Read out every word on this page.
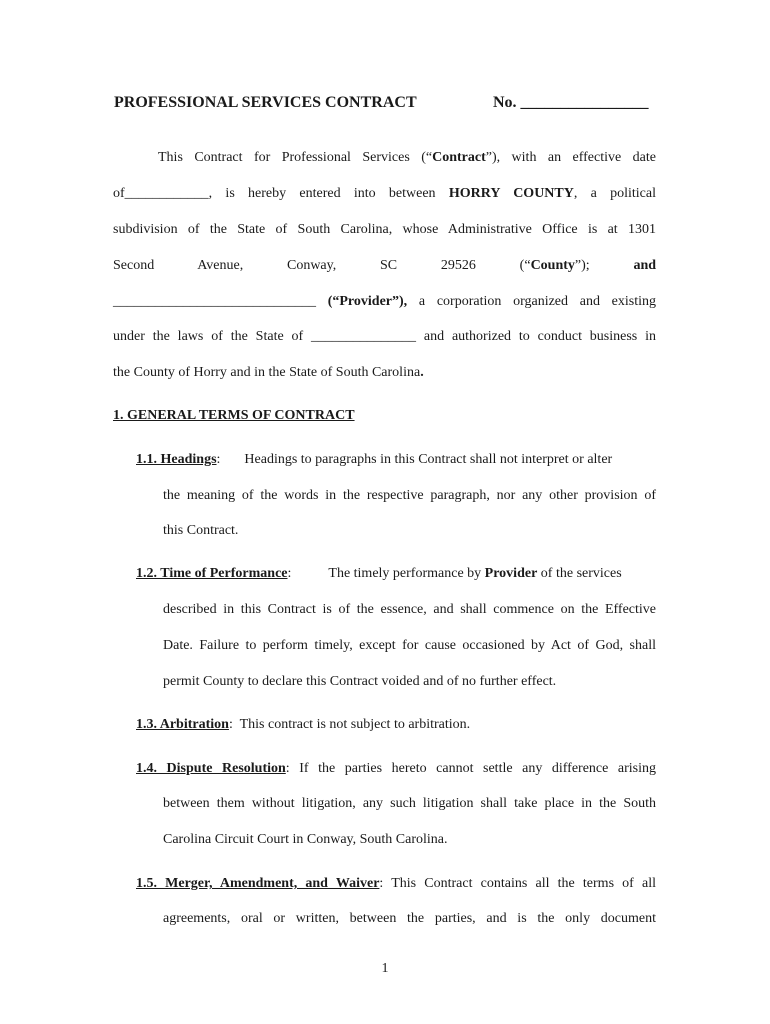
PROFESSIONAL SERVICES CONTRACT	No. ________________
This Contract for Professional Services (“Contract”), with an effective date
of____________, is hereby entered into between HORRY COUNTY, a political
subdivision of the State of South Carolina, whose Administrative Office is at 1301
Second	Avenue,	Conway,	SC	29526	(“County”);	and
_____________________________ (“Provider”), a corporation organized and existing
under the laws of the State of _______________ and authorized to conduct business in
the County of Horry and in the State of South Carolina.
1. GENERAL TERMS OF CONTRACT
1.1. Headings: Headings to paragraphs in this Contract shall not interpret or alter
the meaning of the words in the respective paragraph, nor any other provision of
this Contract.
1.2. Time of Performance:	The timely performance by Provider of the services
described in this Contract is of the essence, and shall commence on the Effective
Date. Failure to perform timely, except for cause occasioned by Act of God, shall
permit County to declare this Contract voided and of no further effect.
1.3. Arbitration: This contract is not subject to arbitration.
1.4. Dispute Resolution: If the parties hereto cannot settle any difference arising
between them without litigation, any such litigation shall take place in the South
Carolina Circuit Court in Conway, South Carolina.
1.5. Merger, Amendment, and Waiver: This Contract contains all the terms of all
agreements, oral or written, between the parties, and is the only document
1
